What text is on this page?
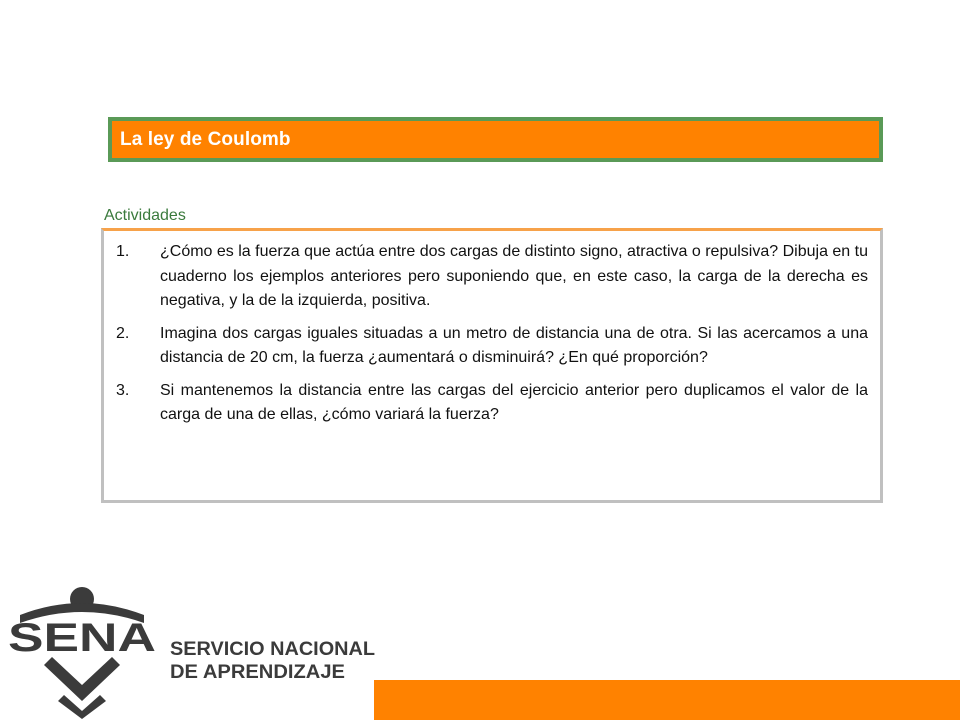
La ley de Coulomb
Actividades
1.	¿Cómo es la fuerza que actúa entre dos cargas de distinto signo, atractiva o repulsiva? Dibuja en tu cuaderno los ejemplos anteriores pero suponiendo que, en este caso, la carga de la derecha es negativa, y la de la izquierda, positiva.
2.	Imagina dos cargas iguales situadas a un metro de distancia una de otra. Si las acercamos a una distancia de 20 cm, la fuerza ¿aumentará o disminuirá? ¿En qué proporción?
3.	Si mantenemos la distancia entre las cargas del ejercicio anterior pero duplicamos el valor de la carga de una de ellas, ¿cómo variará la fuerza?
SENA SERVICIO NACIONAL
DE APRENDIZAJE
